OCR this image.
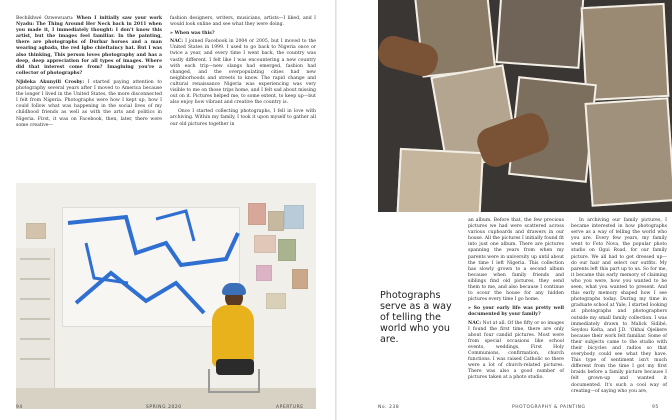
Bechikhwé Ozwewuaru: When I initially saw your work Nyadu: The Thing Around Her Neck back in 2011 when you made it, I immediately thought: I don't know this artist, but the images feel familiar. In the painting, there are photographs of Durbar horses and a man wearing agbada, the red Igbo chieftaincy hat. But I was also thinking, This person loves photography and has a deep, deep appreciation for all types of images. Where did that interest come from? Imagining you're a collector of photographs?

Njideka Akunyili Crosby: I started paying attention to photography several years after I moved to America because the longer I lived in the United States, the more disconnected I felt from Nigeria. Photographs were how I kept up, how I could follow what was happening in the social lives of my childhood friends as well as with the arts and politics in Nigeria. First, it was on Facebook, then, later, there were some creative—

fashion designers, writers, musicians, artists—I liked, and I would look online and see what they were doing.

» When was this?

NAC: I joined Facebook in 2004 or 2005, but I moved to the United States in 1999. I used to go back to Nigeria once or twice a year, and every time I went back, the country was vastly different. I felt like I was encountering a new country with each trip—new slangs had emerged, fashion had changed, and the overpopulating cities had new neighborhoods and streets to know. The rapid change and cultural renaissance Nigeria was experiencing was very visible to me on those trips home, and I felt sad about missing out on it. Pictures helped me, to some extent, to keep up—but also enjoy how vibrant and creative the country is.

Once I started collecting photographs, I fell in love with archiving. Within my family, I took it upon myself to gather all our old pictures together in

94	SPRING 2020	APERTURE
Photographs serve as a way of telling the world who you are.

an album. Before that, the few precious pictures we had were scattered across various cupboards and drawers in our house. All the pictures I initially found fit into just one album. There are pictures spanning the years from when my parents were in university up until about the time I left Nigeria. This collection has slowly grown to a second album because when family friends and siblings find old pictures, they send them to me, and also because I continue to scour the house for any hidden pictures every time I go home.

» So your early life was pretty well documented by your family?

NAC: Not at all. Of the fifty or so images I found the first time, there are only about four candid pictures. Most were from special occasions like school events, weddings, First Holy Communions, confirmation, church functions. I was raised Catholic so there were a lot of church-related pictures. There was also a good number of pictures taken at a photo studio.

In archiving our family pictures, I became interested in how photographs serve as a way of telling the world who you are. Every few years, my family went to Foto Nova, the popular photo studio on Ogui Road, for our family picture. We all had to get dressed up—do our hair and select our outfits. My parents left this part up to us. So for me, it became this early memory of claiming who you were, how you wanted to be seen, what you wanted to present. And this early memory shaped how I see photographs today. During my time in graduate school at Yale, I started looking at photographs and photographers outside my small family collection. I was immediately drawn to Malick Sidibé, Seydou Keïta, and J.D. 'Okhai Ojeikere because their work felt familiar. Some of their subjects came to the studio with their bicycles and radios so that everybody could see what they have. This type of sentiment isn't much different from the time I got my first braids before a family picture because I felt grown-up and wanted it documented. It's such a cool way of creating—of saying who you are,

No. 238	PHOTOGRAPHY & PAINTING	95
